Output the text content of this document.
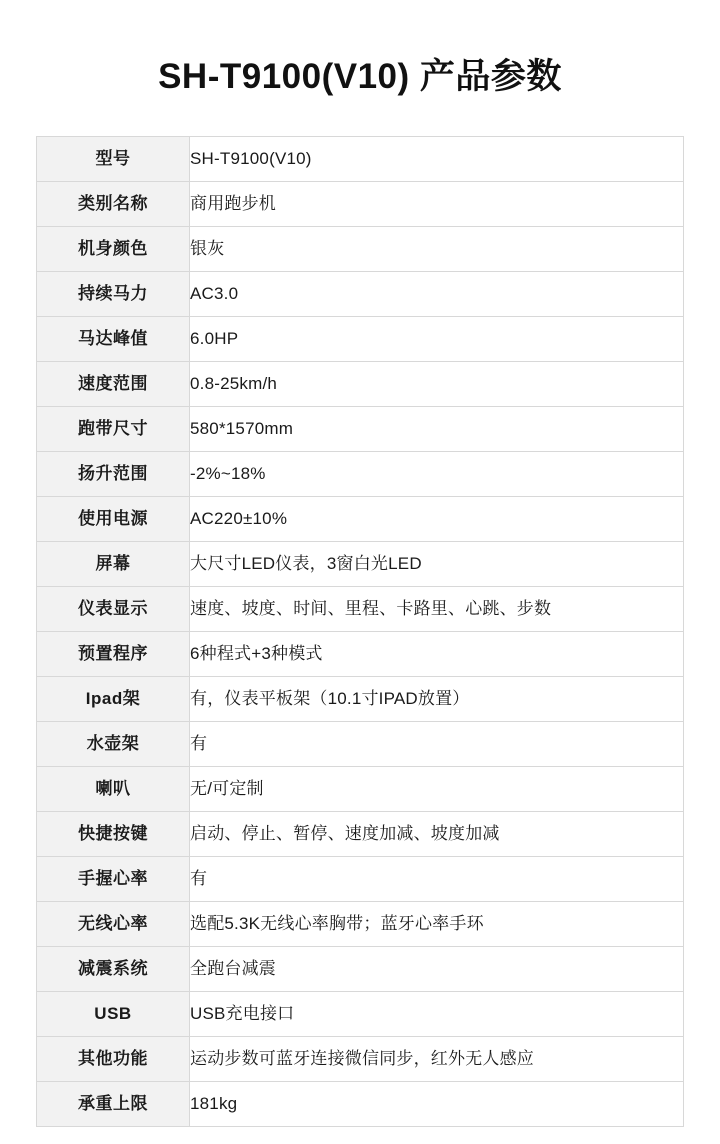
SH-T9100(V10) 产品参数
型号	SH-T9100(V10)
类别名称	商用跑步机
机身颜色	银灰
持续马力	AC3.0
马达峰值	6.0HP
速度范围	0.8-25km/h
跑带尺寸	580*1570mm
扬升范围	-2%~18%
使用电源	AC220±10%
屏幕	大尺寸LED仪表，3窗白光LED
仪表显示	速度、坡度、时间、里程、卡路里、心跳、步数
预置程序	6种程式+3种模式
Ipad架	有，仪表平板架（10.1寸IPAD放置）
水壶架	有
喇叭	无/可定制
快捷按键	启动、停止、暂停、速度加减、坡度加减
手握心率	有
无线心率	选配5.3K无线心率胸带；蓝牙心率手环
减震系统	全跑台减震
USB	USB充电接口
其他功能	运动步数可蓝牙连接微信同步，红外无人感应
承重上限	181kg
